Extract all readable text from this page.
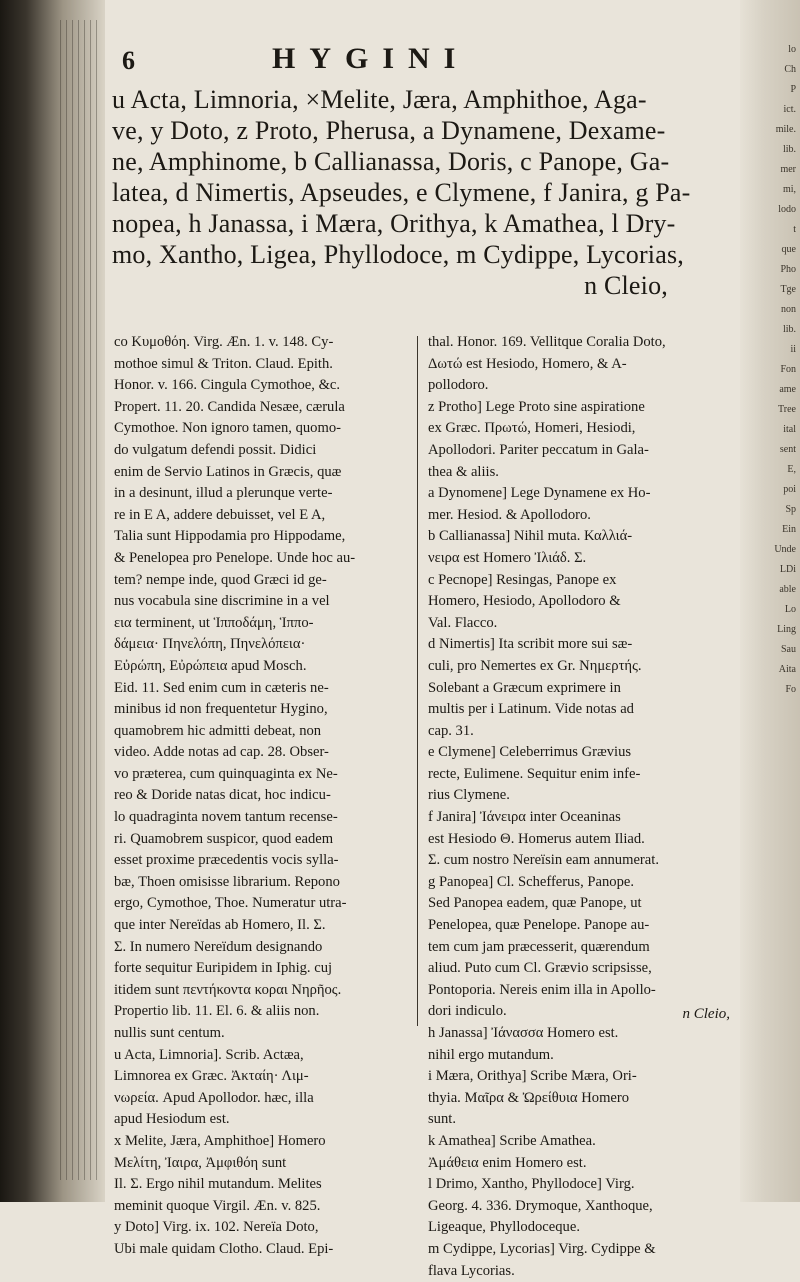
lo
Ch
P
ict.
mile.
lib.
mer
mi,
lodo
t
que
Pho
Tge
non
lib.
ii
Fon
ame
Tree
ital
sent
E,
poi
Sp
Ein
Unde
LDi
able
Lo
Ling
Sau
Aita
Fo
6	HYGINI
u Acta, Limnoria, ×Melite, Jæra, Amphithoe, Aga-
ve, y Doto, z Proto, Pherusa, a Dynamene, Dexame-
ne, Amphinome, b Callianassa, Doris, c Panope, Ga-
latea, d Nimertis, Apseudes, e Clymene, f Janira, g Pa-
nopea, h Janassa, i Mæra, Orithya, k Amathea, l Dry-
mo, Xantho, Ligea, Phyllodoce, m Cydippe, Lycorias,
n Cleio,
co Κυμοθόη. Virg. Æn. 1. v. 148. Cy-
mothoe simul & Triton. Claud. Epith.
Honor. v. 166. Cingula Cymothoe, &c.
Propert. 11. 20. Candida Nesæe, cærula
Cymothoe. Non ignoro tamen, quomo-
do vulgatum defendi possit. Didici
enim de Servio Latinos in Græcis, quæ
in a desinunt, illud a plerunque verte-
re in E A, addere debuisset, vel E A,
Talia sunt Hippodamia pro Hippodame,
& Penelopea pro Penelope. Unde hoc au-
tem? nempe inde, quod Græci id ge-
nus vocabula sine discrimine in a vel
εια terminent, ut Ἱπποδάμη, Ἱππο-
δάμεια· Πηνελόπη, Πηνελόπεια·
Εὐρώπη, Εὐρώπεια apud Mosch.
Eid. 11. Sed enim cum in cæteris ne-
minibus id non frequentetur Hygino,
quamobrem hic admitti debeat, non
video. Adde notas ad cap. 28. Obser-
vo præterea, cum quinquaginta ex Ne-
reo & Doride natas dicat, hoc indicu-
lo quadraginta novem tantum recense-
ri. Quamobrem suspicor, quod eadem
esset proxime præcedentis vocis sylla-
bæ, Thoen omisisse librarium. Repono
ergo, Cymothoe, Thoe. Numeratur utra-
que inter Nereïdas ab Homero, Il. Σ.
Σ. In numero Nereïdum designando
forte sequitur Euripidem in Iphig. cuj
itidem sunt πεντήκοντα κοραι Νηρῆος.
Propertio lib. 11. El. 6. & aliis non.
nullis sunt centum.
u Acta, Limnoria]. Scrib. Actæa,
Limnorea ex Græc. Ἀκταίη· Λιμ-
νωρεία. Apud Apollodor. hæc, illa
apud Hesiodum est.
x Melite, Jæra, Amphithoe] Homero
Μελίτη, Ἰαιρα, Ἀμφιθόη sunt
Il. Σ. Ergo nihil mutandum. Melites
meminit quoque Virgil. Æn. v. 825.
y Doto] Virg. ix. 102. Nereïa Doto,
Ubi male quidam Clotho. Claud. Epi-
thal. Honor. 169. Vellitque Coralia Doto,
Δωτώ est Hesiodo, Homero, & A-
pollodoro.
z Protho] Lege Proto sine aspiratione
ex Græc. Πρωτώ, Homeri, Hesiodi,
Apollodori. Pariter peccatum in Gala-
thea & aliis.
a Dynomene] Lege Dynamene ex Ho-
mer. Hesiod. & Apollodoro.
b Callianassa] Nihil muta. Καλλιά-
νειρα est Homero Ἰλιάδ. Σ.
c Pecnope] Resingas, Panope ex
Homero, Hesiodo, Apollodoro &
Val. Flacco.
d Nimertis] Ita scribit more sui sæ-
culi, pro Nemertes ex Gr. Νημερτής.
Solebant a Græcum exprimere in
multis per i Latinum. Vide notas ad
cap. 31.
e Clymene] Celeberrimus Grævius
recte, Eulimene. Sequitur enim infe-
rius Clymene.
f Janira] Ἰάνειρα inter Oceaninas
est Hesiodo Θ. Homerus autem Iliad.
Σ. cum nostro Nereïsin eam annumerat.
g Panopea] Cl. Schefferus, Panope.
Sed Panopea eadem, quæ Panope, ut
Penelopea, quæ Penelope. Panope au-
tem cum jam præcesserit, quærendum
aliud. Puto cum Cl. Grævio scripsisse,
Pontoporia. Nereis enim illa in Apollo-
dori indiculo.
h Janassa] Ἰάνασσα Homero est.
nihil ergo mutandum.
i Mæra, Orithya] Scribe Mæra, Ori-
thyia. Μαῖρα & Ὠρείθυια Homero
sunt.
k Amathea] Scribe Amathea.
Ἀμάθεια enim Homero est.
l Drimo, Xantho, Phyllodoce] Virg.
Georg. 4. 336. Drymoque, Xanthoque,
Ligeaque, Phyllodoceque.
m Cydippe, Lycorias] Virg. Cydippe &
flava Lycorias.
n Cleio,
